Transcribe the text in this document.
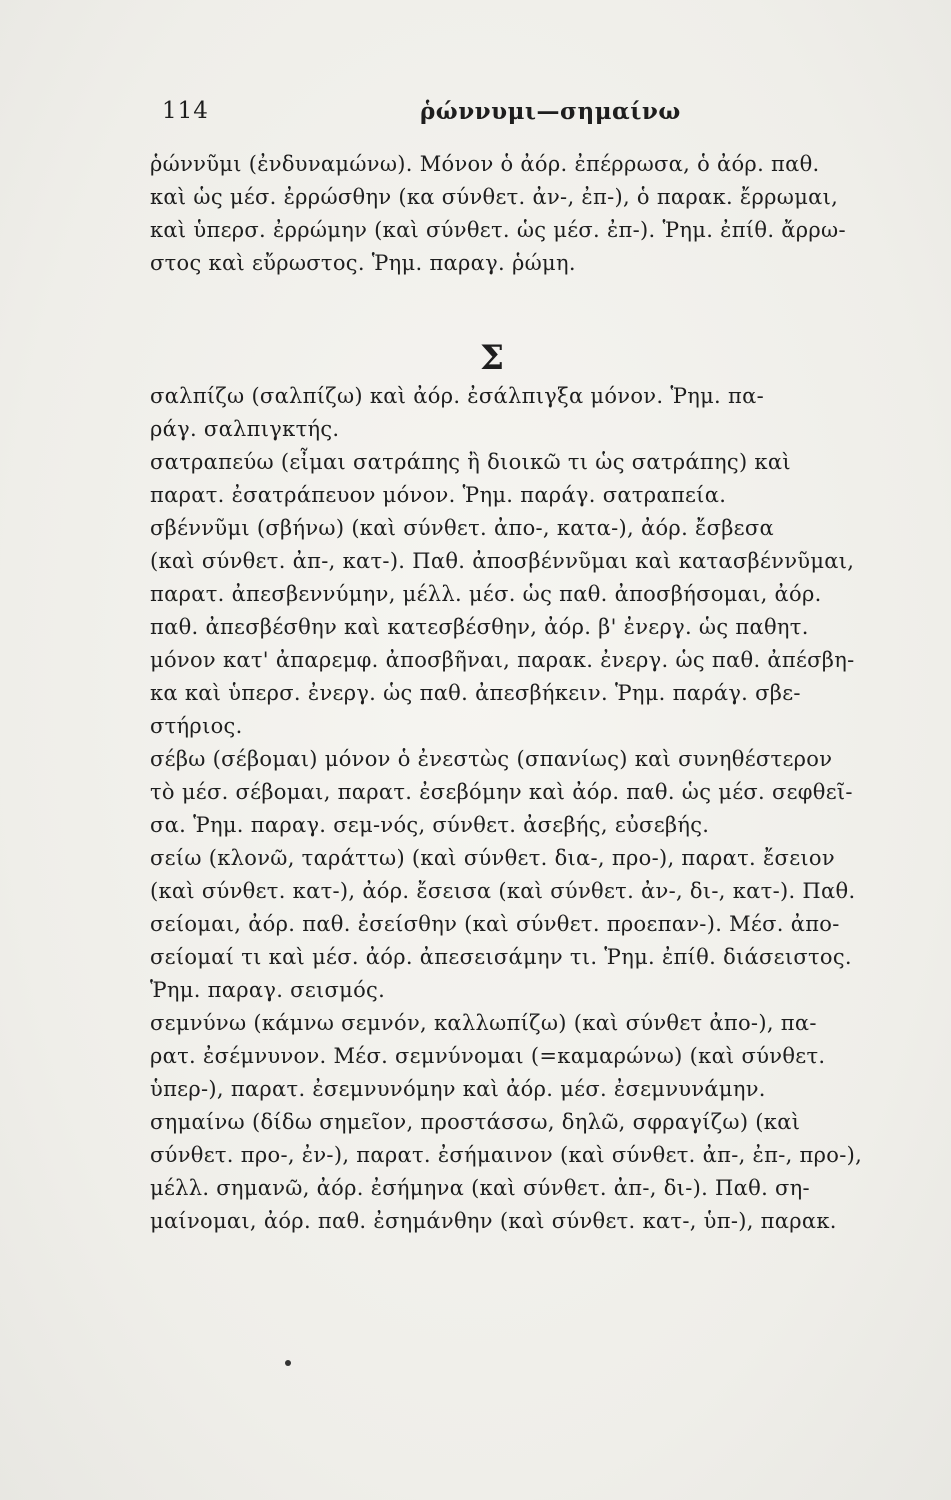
114	ῥώννυμι—σημαίνω
Σ
ῥώννῦμι (ἐνδυναμώνω). Μόνον ὁ ἀόρ. ἐπέρρωσα, ὁ ἀόρ. παθ.
καὶ ὡς μέσ. ἐρρώσθην (κα σύνθετ. ἀν-, ἐπ-), ὁ παρακ. ἔρρωμαι,
καὶ ὑπερσ. ἐρρώμην (καὶ σύνθετ. ὡς μέσ. ἐπ-). Ῥημ. ἐπίθ. ἄρρω-
στος καὶ εὔρωστος. Ῥημ. παραγ. ῥώμη.
σαλπίζω (σαλπίζω) καὶ ἀόρ. ἐσάλπιγξα μόνον. Ῥημ. πα-
ράγ. σαλπιγκτής.
σατραπεύω (εἶμαι σατράπης ἢ διοικῶ τι ὡς σατράπης) καὶ
παρατ. ἐσατράπευον μόνον. Ῥημ. παράγ. σατραπεία.
σβέννῦμι (σβήνω) (καὶ σύνθετ. ἀπο-, κατα-), ἀόρ. ἔσβεσα
(καὶ σύνθετ. ἀπ-, κατ-). Παθ. ἀποσβέννῦμαι καὶ κατασβέννῦμαι,
παρατ. ἀπεσβεννύμην, μέλλ. μέσ. ὡς παθ. ἀποσβήσομαι, ἀόρ.
παθ. ἀπεσβέσθην καὶ κατεσβέσθην, ἀόρ. β' ἐνεργ. ὡς παθητ.
μόνον κατ' ἀπαρεμφ. ἀποσβῆναι, παρακ. ἐνεργ. ὡς παθ. ἀπέσβη-
κα καὶ ὑπερσ. ἐνεργ. ὡς παθ. ἀπεσβήκειν. Ῥημ. παράγ. σβε-
στήριος.
σέβω (σέβομαι) μόνον ὁ ἐνεστὼς (σπανίως) καὶ συνηθέστερον
τὸ μέσ. σέβομαι, παρατ. ἐσεβόμην καὶ ἀόρ. παθ. ὡς μέσ. σεφθεῖ-
σα. Ῥημ. παραγ. σεμ-νός, σύνθετ. ἀσεβής, εὐσεβής.
σείω (κλονῶ, ταράττω) (καὶ σύνθετ. δια-, προ-), παρατ. ἔσειον
(καὶ σύνθετ. κατ-), ἀόρ. ἔσεισα (καὶ σύνθετ. ἀν-, δι-, κατ-). Παθ.
σείομαι, ἀόρ. παθ. ἐσείσθην (καὶ σύνθετ. προεπαν-). Μέσ. ἀπο-
σείομαί τι καὶ μέσ. ἀόρ. ἀπεσεισάμην τι. Ῥημ. ἐπίθ. διάσειστος.
Ῥημ. παραγ. σεισμός.
σεμνύνω (κάμνω σεμνόν, καλλωπίζω) (καὶ σύνθετ ἀπο-), πα-
ρατ. ἐσέμνυνον. Μέσ. σεμνύνομαι (=καμαρώνω) (καὶ σύνθετ.
ὑπερ-), παρατ. ἐσεμνυνόμην καὶ ἀόρ. μέσ. ἐσεμνυνάμην.
σημαίνω (δίδω σημεῖον, προστάσσω, δηλῶ, σφραγίζω) (καὶ
σύνθετ. προ-, ἐν-), παρατ. ἐσήμαινον (καὶ σύνθετ. ἀπ-, ἐπ-, προ-),
μέλλ. σημανῶ, ἀόρ. ἐσήμηνα (καὶ σύνθετ. ἀπ-, δι-). Παθ. ση-
μαίνομαι, ἀόρ. παθ. ἐσημάνθην (καὶ σύνθετ. κατ-, ὑπ-), παρακ.
